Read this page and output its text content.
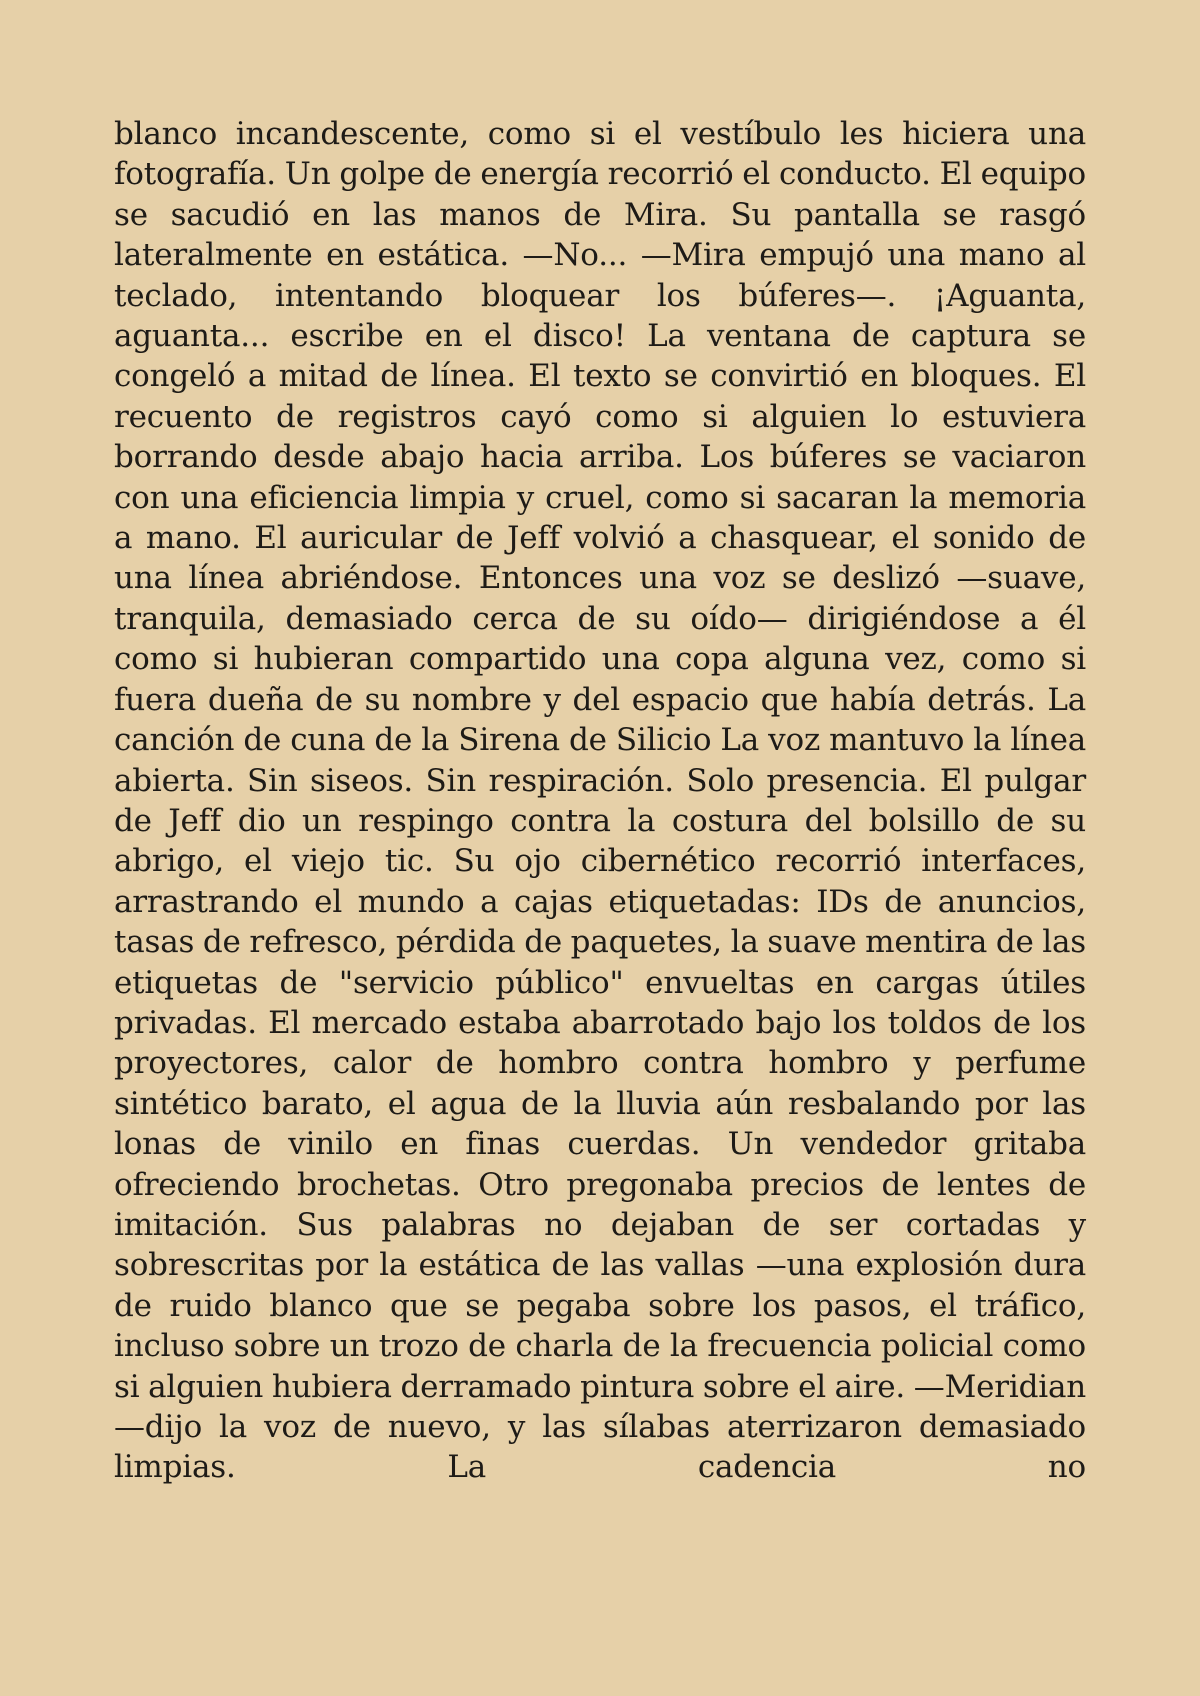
blanco incandescente, como si el vestíbulo les hiciera una fotografía. Un golpe de energía recorrió el conducto. El equipo se sacudió en las manos de Mira. Su pantalla se rasgó lateralmente en estática. —No... —Mira empujó una mano al teclado, intentando bloquear los búferes—. ¡Aguanta, aguanta... escribe en el disco! La ventana de captura se congeló a mitad de línea. El texto se convirtió en bloques. El recuento de registros cayó como si alguien lo estuviera borrando desde abajo hacia arriba. Los búferes se vaciaron con una eficiencia limpia y cruel, como si sacaran la memoria a mano. El auricular de Jeff volvió a chasquear, el sonido de una línea abriéndose. Entonces una voz se deslizó —suave, tranquila, demasiado cerca de su oído— dirigiéndose a él como si hubieran compartido una copa alguna vez, como si fuera dueña de su nombre y del espacio que había detrás. La canción de cuna de la Sirena de Silicio La voz mantuvo la línea abierta. Sin siseos. Sin respiración. Solo presencia. El pulgar de Jeff dio un respingo contra la costura del bolsillo de su abrigo, el viejo tic. Su ojo cibernético recorrió interfaces, arrastrando el mundo a cajas etiquetadas: IDs de anuncios, tasas de refresco, pérdida de paquetes, la suave mentira de las etiquetas de "servicio público" envueltas en cargas útiles privadas. El mercado estaba abarrotado bajo los toldos de los proyectores, calor de hombro contra hombro y perfume sintético barato, el agua de la lluvia aún resbalando por las lonas de vinilo en finas cuerdas. Un vendedor gritaba ofreciendo brochetas. Otro pregonaba precios de lentes de imitación. Sus palabras no dejaban de ser cortadas y sobrescritas por la estática de las vallas —una explosión dura de ruido blanco que se pegaba sobre los pasos, el tráfico, incluso sobre un trozo de charla de la frecuencia policial como si alguien hubiera derramado pintura sobre el aire. —Meridian —dijo la voz de nuevo, y las sílabas aterrizaron demasiado limpias. La cadencia no
